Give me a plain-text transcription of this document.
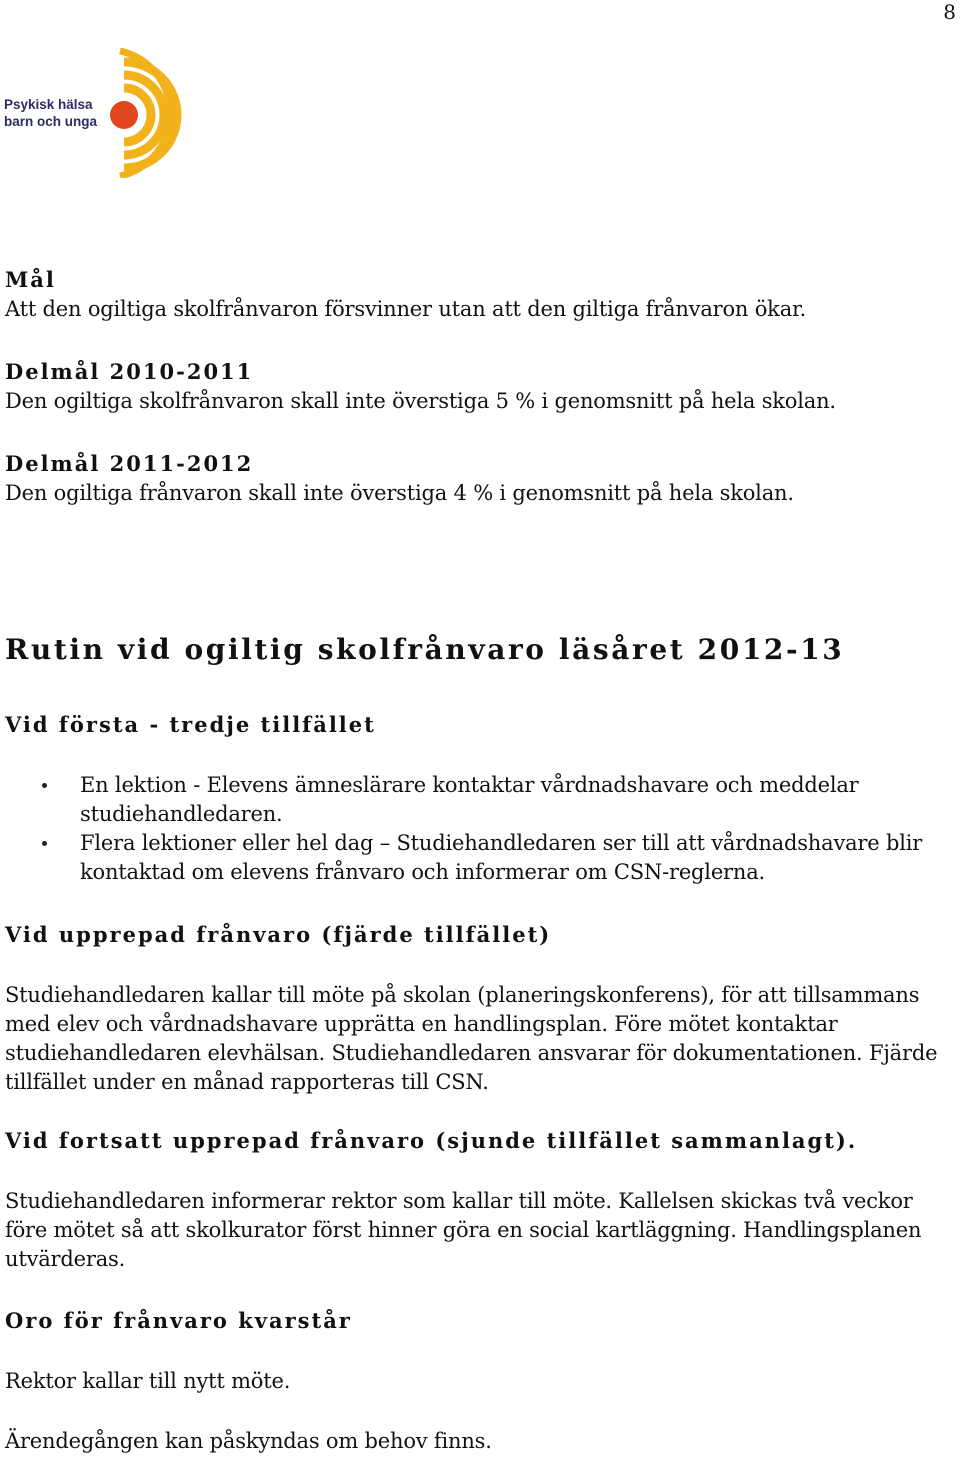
8
Psykisk hälsa
barn och unga
Mål
Att den ogiltiga skolfrånvaron försvinner utan att den giltiga frånvaron ökar.
Delmål 2010-2011
Den ogiltiga skolfrånvaron skall inte överstiga 5 % i genomsnitt på hela skolan.
Delmål 2011-2012
Den ogiltiga frånvaron skall inte överstiga 4 % i genomsnitt på hela skolan.
Rutin vid ogiltig skolfrånvaro läsåret 2012-13
Vid första - tredje tillfället
En lektion - Elevens ämneslärare kontaktar vårdnadshavare och meddelar studiehandledaren.
Flera lektioner eller hel dag – Studiehandledaren ser till att vårdnadshavare blir kontaktad om elevens frånvaro och informerar om CSN-reglerna.
Vid upprepad frånvaro (fjärde tillfället)
Studiehandledaren kallar till möte på skolan (planeringskonferens), för att tillsammans med elev och vårdnadshavare upprätta en handlingsplan. Före mötet kontaktar studiehandledaren elevhälsan. Studiehandledaren ansvarar för dokumentationen. Fjärde tillfället under en månad rapporteras till CSN.
Vid fortsatt upprepad frånvaro (sjunde tillfället sammanlagt).
Studiehandledaren informerar rektor som kallar till möte. Kallelsen skickas två veckor före mötet så att skolkurator först hinner göra en social kartläggning. Handlingsplanen utvärderas.
Oro för frånvaro kvarstår
Rektor kallar till nytt möte.
Ärendegången kan påskyndas om behov finns.
